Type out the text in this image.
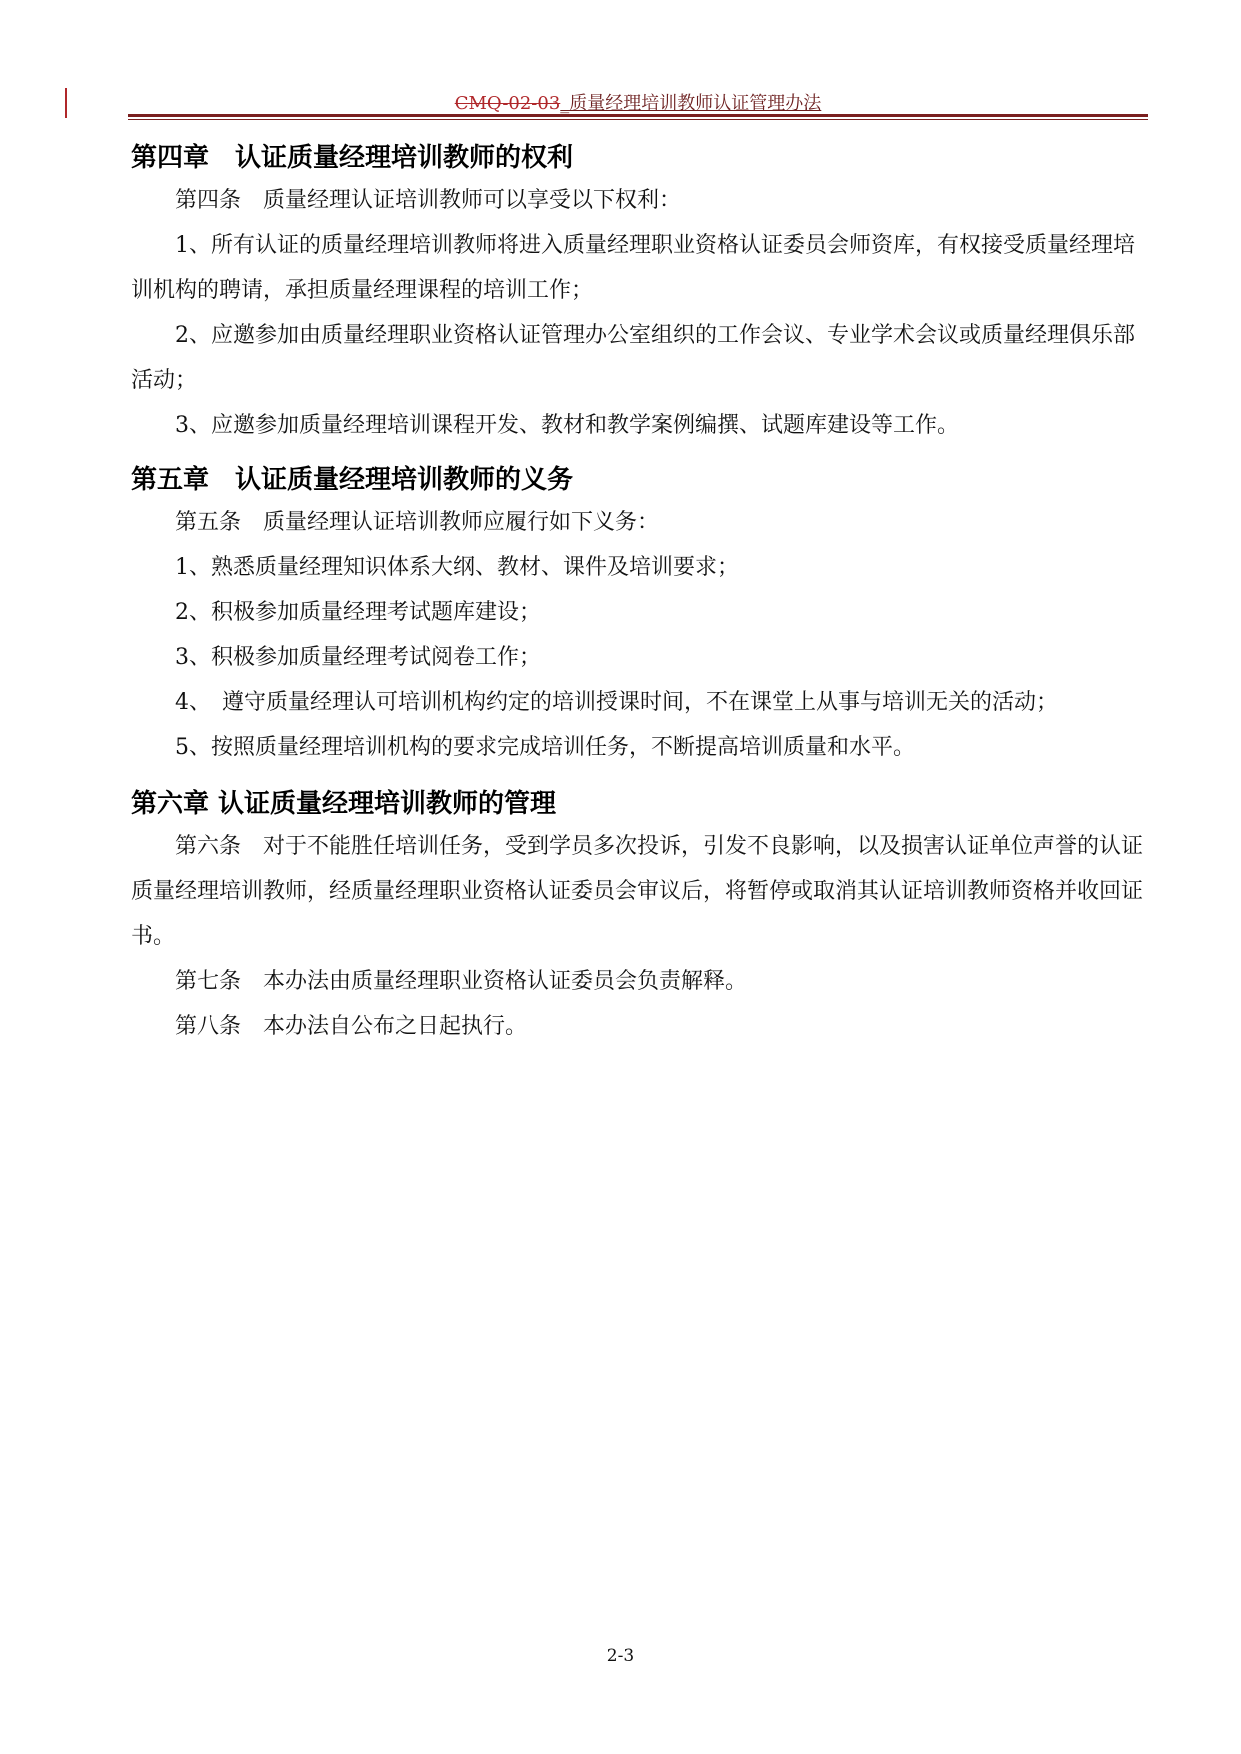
CMQ-02-03_质量经理培训教师认证管理办法
第四章　认证质量经理培训教师的权利

第四条　质量经理认证培训教师可以享受以下权利：

1、所有认证的质量经理培训教师将进入质量经理职业资格认证委员会师资库，有权接受质量经理培训机构的聘请，承担质量经理课程的培训工作；

2、应邀参加由质量经理职业资格认证管理办公室组织的工作会议、专业学术会议或质量经理俱乐部活动；

3、应邀参加质量经理培训课程开发、教材和教学案例编撰、试题库建设等工作。

第五章　认证质量经理培训教师的义务

第五条　质量经理认证培训教师应履行如下义务：

1、熟悉质量经理知识体系大纲、教材、课件及培训要求；

2、积极参加质量经理考试题库建设；

3、积极参加质量经理考试阅卷工作；

4、　遵守质量经理认可培训机构约定的培训授课时间，不在课堂上从事与培训无关的活动；

5、按照质量经理培训机构的要求完成培训任务，不断提高培训质量和水平。

第六章 认证质量经理培训教师的管理

第六条　对于不能胜任培训任务，受到学员多次投诉，引发不良影响，以及损害认证单位声誉的认证质量经理培训教师，经质量经理职业资格认证委员会审议后，将暂停或取消其认证培训教师资格并收回证书。

第七条　本办法由质量经理职业资格认证委员会负责解释。

第八条　本办法自公布之日起执行。

2-3
